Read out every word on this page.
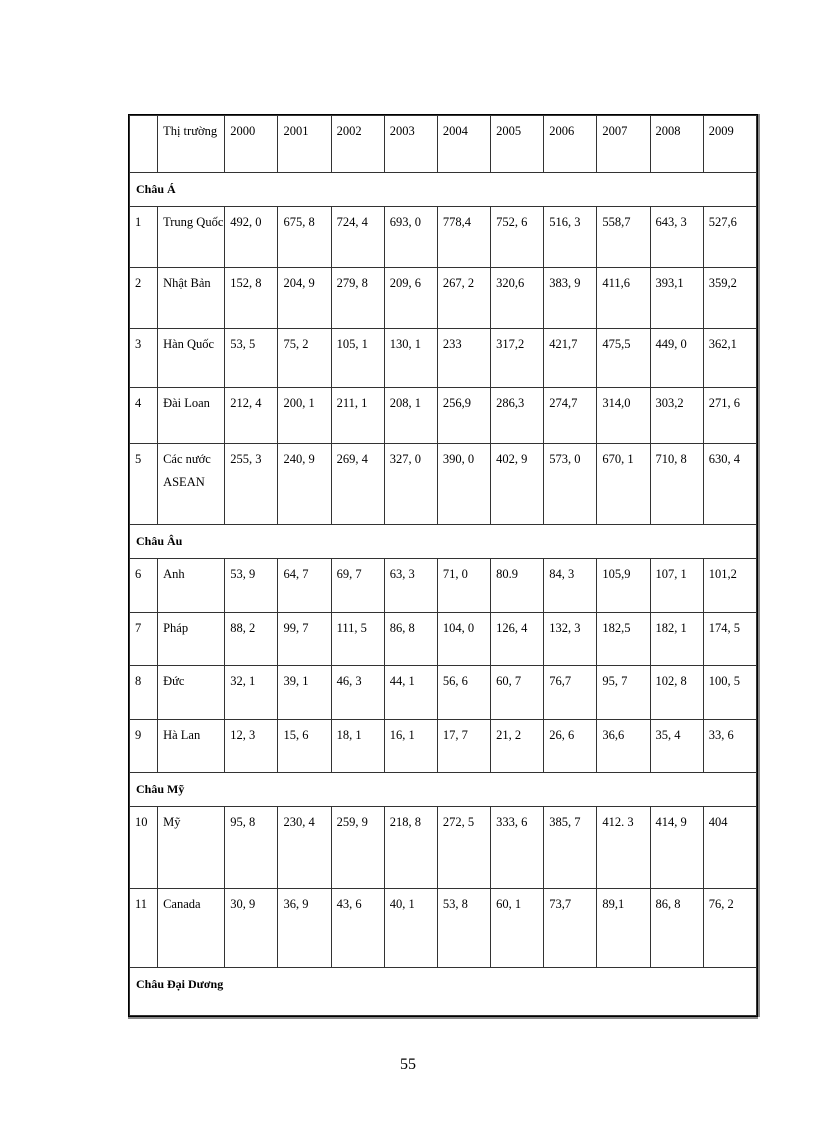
	Thị trường	2000	2001	2002	2003	2004	2005	2006	2007	2008	2009
Châu Á											
1	Trung Quốc	492, 0	675, 8	724, 4	693, 0	778,4	752, 6	516, 3	558,7	643, 3	527,6
2	Nhật Bản	152, 8	204, 9	279, 8	209, 6	267, 2	320,6	383, 9	411,6	393,1	359,2
3	Hàn Quốc	53, 5	75, 2	105, 1	130, 1	233	317,2	421,7	475,5	449, 0	362,1
4	Đài Loan	212, 4	200, 1	211, 1	208, 1	256,9	286,3	274,7	314,0	303,2	271, 6
5	Các nước ASEAN	255, 3	240, 9	269, 4	327, 0	390, 0	402, 9	573, 0	670, 1	710, 8	630, 4
Châu Âu											
6	Anh	53, 9	64, 7	69, 7	63, 3	71, 0	80.9	84, 3	105,9	107, 1	101,2
7	Pháp	88, 2	99, 7	111, 5	86, 8	104, 0	126, 4	132, 3	182,5	182, 1	174, 5
8	Đức	32, 1	39, 1	46, 3	44, 1	56, 6	60, 7	76,7	95, 7	102, 8	100, 5
9	Hà Lan	12, 3	15, 6	18, 1	16, 1	17, 7	21, 2	26, 6	36,6	35, 4	33, 6
Châu Mỹ											
10	Mỹ	95, 8	230, 4	259, 9	218, 8	272, 5	333, 6	385, 7	412. 3	414, 9	404
11	Canada	30, 9	36, 9	43, 6	40, 1	53, 8	60, 1	73,7	89,1	86, 8	76, 2
Châu Đại Dương											
55
